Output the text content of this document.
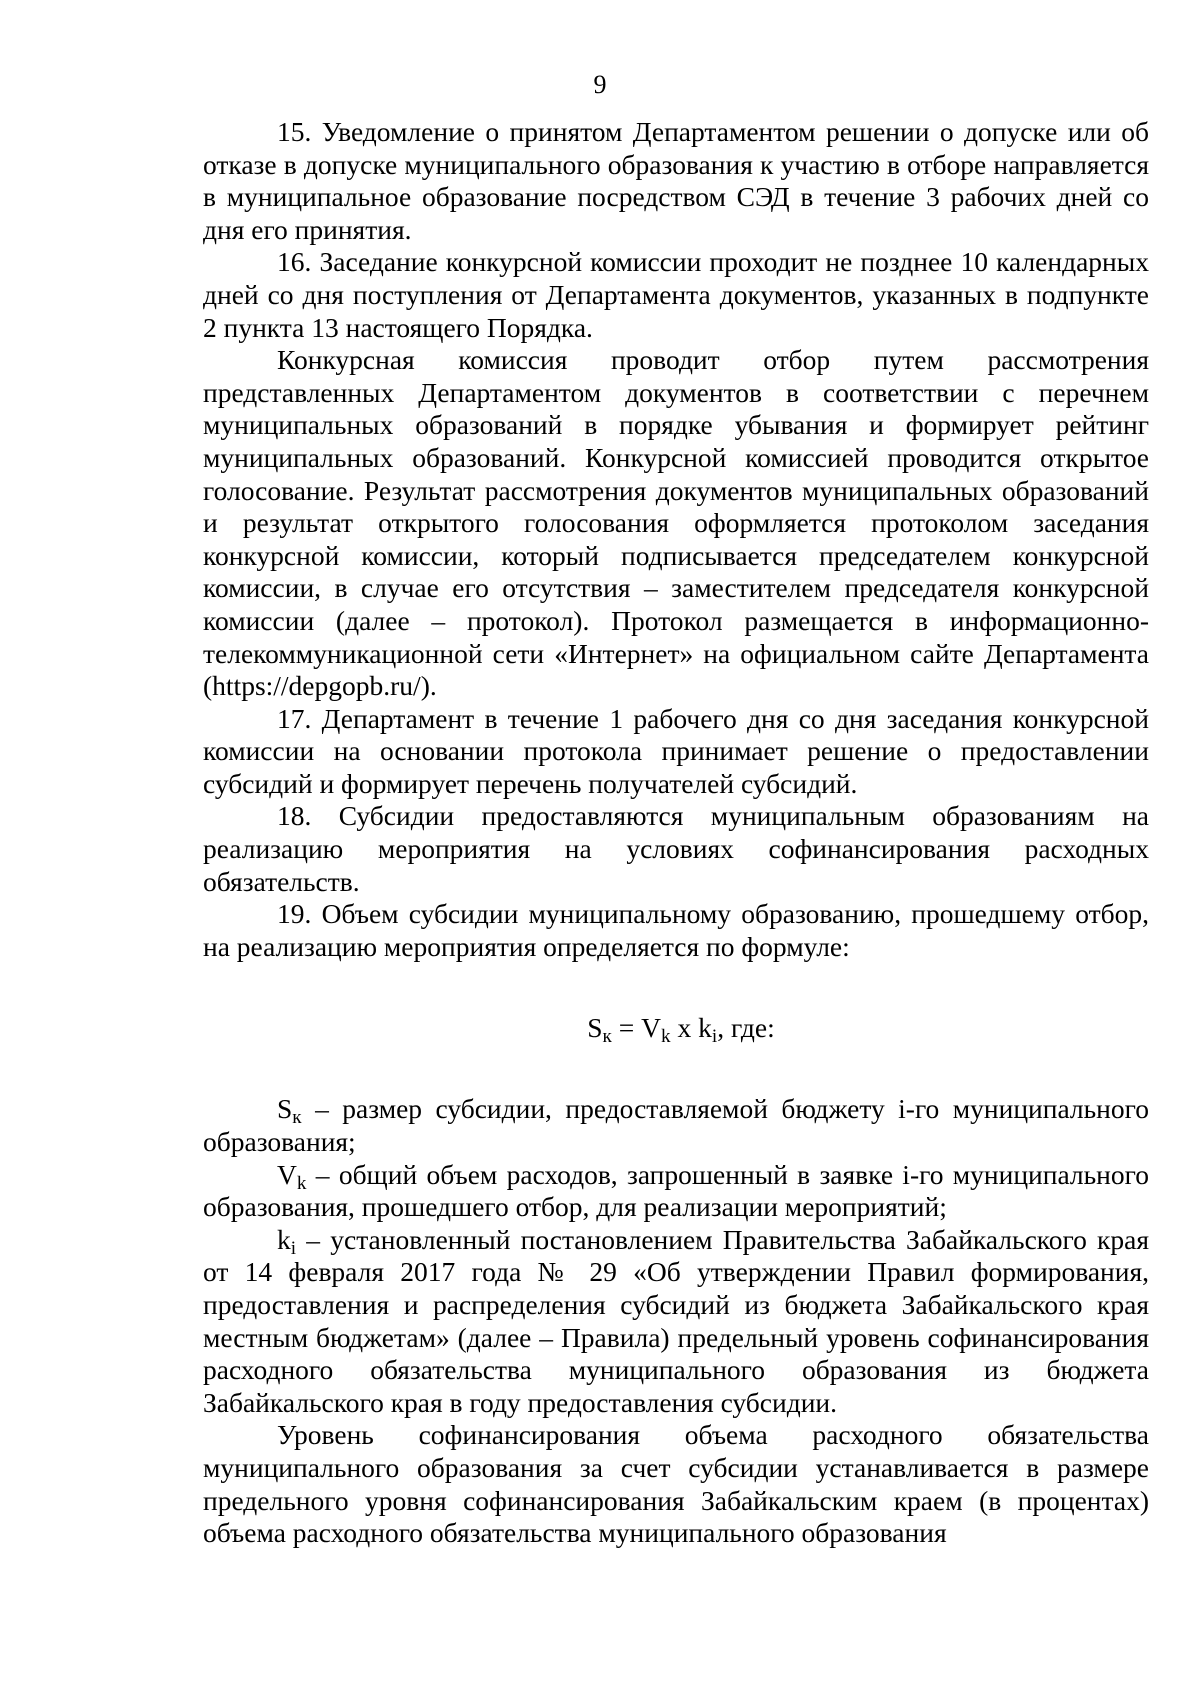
9

15. Уведомление о принятом Департаментом решении о допуске или об отказе в допуске муниципального образования к участию в отборе направляется в муниципальное образование посредством СЭД в течение 3 рабочих дней со дня его принятия.

16. Заседание конкурсной комиссии проходит не позднее 10 календарных дней со дня поступления от Департамента документов, указанных в подпункте 2 пункта 13 настоящего Порядка.

Конкурсная комиссия проводит отбор путем рассмотрения представленных Департаментом документов в соответствии с перечнем муниципальных образований в порядке убывания и формирует рейтинг муниципальных образований. Конкурсной комиссией проводится открытое голосование. Результат рассмотрения документов муниципальных образований и результат открытого голосования оформляется протоколом заседания конкурсной комиссии, который подписывается председателем конкурсной комиссии, в случае его отсутствия – заместителем председателя конкурсной комиссии (далее – протокол). Протокол размещается в информационно-телекоммуникационной сети «Интернет» на официальном сайте Департамента (https://depgopb.ru/).

17. Департамент в течение 1 рабочего дня со дня заседания конкурсной комиссии на основании протокола принимает решение о предоставлении субсидий и формирует перечень получателей субсидий.

18. Субсидии предоставляются муниципальным образованиям на реализацию мероприятия на условиях софинансирования расходных обязательств.

19. Объем субсидии муниципальному образованию, прошедшему отбор, на реализацию мероприятия определяется по формуле:

Sк = Vk x ki, где:

Sк – размер субсидии, предоставляемой бюджету i-го муниципального образования;

Vk – общий объем расходов, запрошенный в заявке i-го муниципального образования, прошедшего отбор, для реализации мероприятий;

ki – установленный постановлением Правительства Забайкальского края от 14 февраля 2017 года № 29 «Об утверждении Правил формирования, предоставления и распределения субсидий из бюджета Забайкальского края местным бюджетам» (далее – Правила) предельный уровень софинансирования расходного обязательства муниципального образования из бюджета Забайкальского края в году предоставления субсидии.

Уровень софинансирования объема расходного обязательства муниципального образования за счет субсидии устанавливается в размере предельного уровня софинансирования Забайкальским краем (в процентах) объема расходного обязательства муниципального образования
